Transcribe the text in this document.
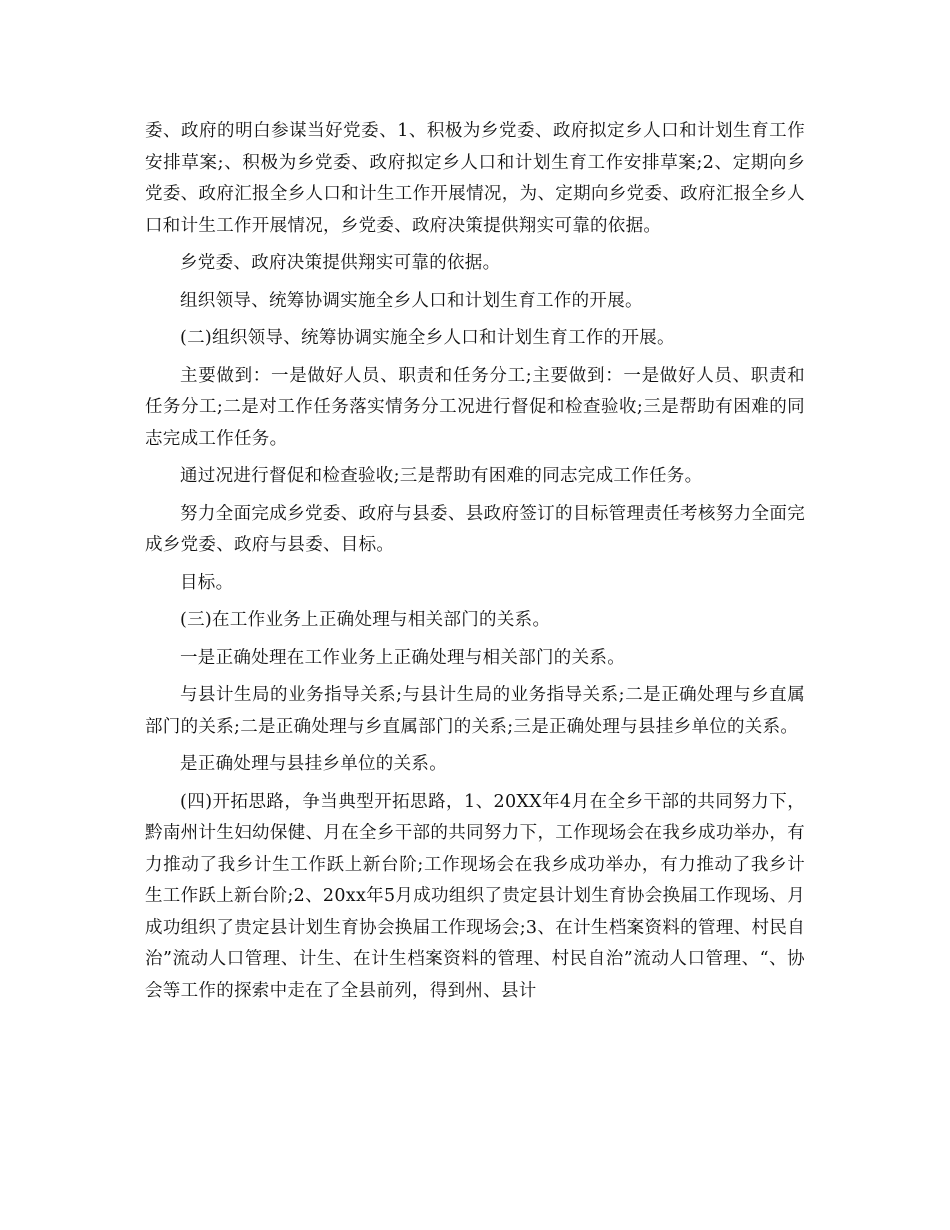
委、政府的明白参谋当好党委、1、积极为乡党委、政府拟定乡人口和计划生育工作安排草案;、积极为乡党委、政府拟定乡人口和计划生育工作安排草案;2、定期向乡党委、政府汇报全乡人口和计生工作开展情况，为、定期向乡党委、政府汇报全乡人口和计生工作开展情况，乡党委、政府决策提供翔实可靠的依据。

乡党委、政府决策提供翔实可靠的依据。

组织领导、统筹协调实施全乡人口和计划生育工作的开展。

(二)组织领导、统筹协调实施全乡人口和计划生育工作的开展。

主要做到：一是做好人员、职责和任务分工;主要做到：一是做好人员、职责和任务分工;二是对工作任务落实情务分工况进行督促和检查验收;三是帮助有困难的同志完成工作任务。

通过况进行督促和检查验收;三是帮助有困难的同志完成工作任务。

努力全面完成乡党委、政府与县委、县政府签订的目标管理责任考核努力全面完成乡党委、政府与县委、目标。

目标。

(三)在工作业务上正确处理与相关部门的关系。

一是正确处理在工作业务上正确处理与相关部门的关系。

与县计生局的业务指导关系;与县计生局的业务指导关系;二是正确处理与乡直属部门的关系;二是正确处理与乡直属部门的关系;三是正确处理与县挂乡单位的关系。

是正确处理与县挂乡单位的关系。

(四)开拓思路，争当典型开拓思路，1、20XX年4月在全乡干部的共同努力下，黔南州计生妇幼保健、月在全乡干部的共同努力下，工作现场会在我乡成功举办，有力推动了我乡计生工作跃上新台阶;工作现场会在我乡成功举办，有力推动了我乡计生工作跃上新台阶;2、20xx年5月成功组织了贵定县计划生育协会换届工作现场、月成功组织了贵定县计划生育协会换届工作现场会;3、在计生档案资料的管理、村民自治”流动人口管理、计生、在计生档案资料的管理、村民自治”流动人口管理、“、协会等工作的探索中走在了全县前列，得到州、县计
